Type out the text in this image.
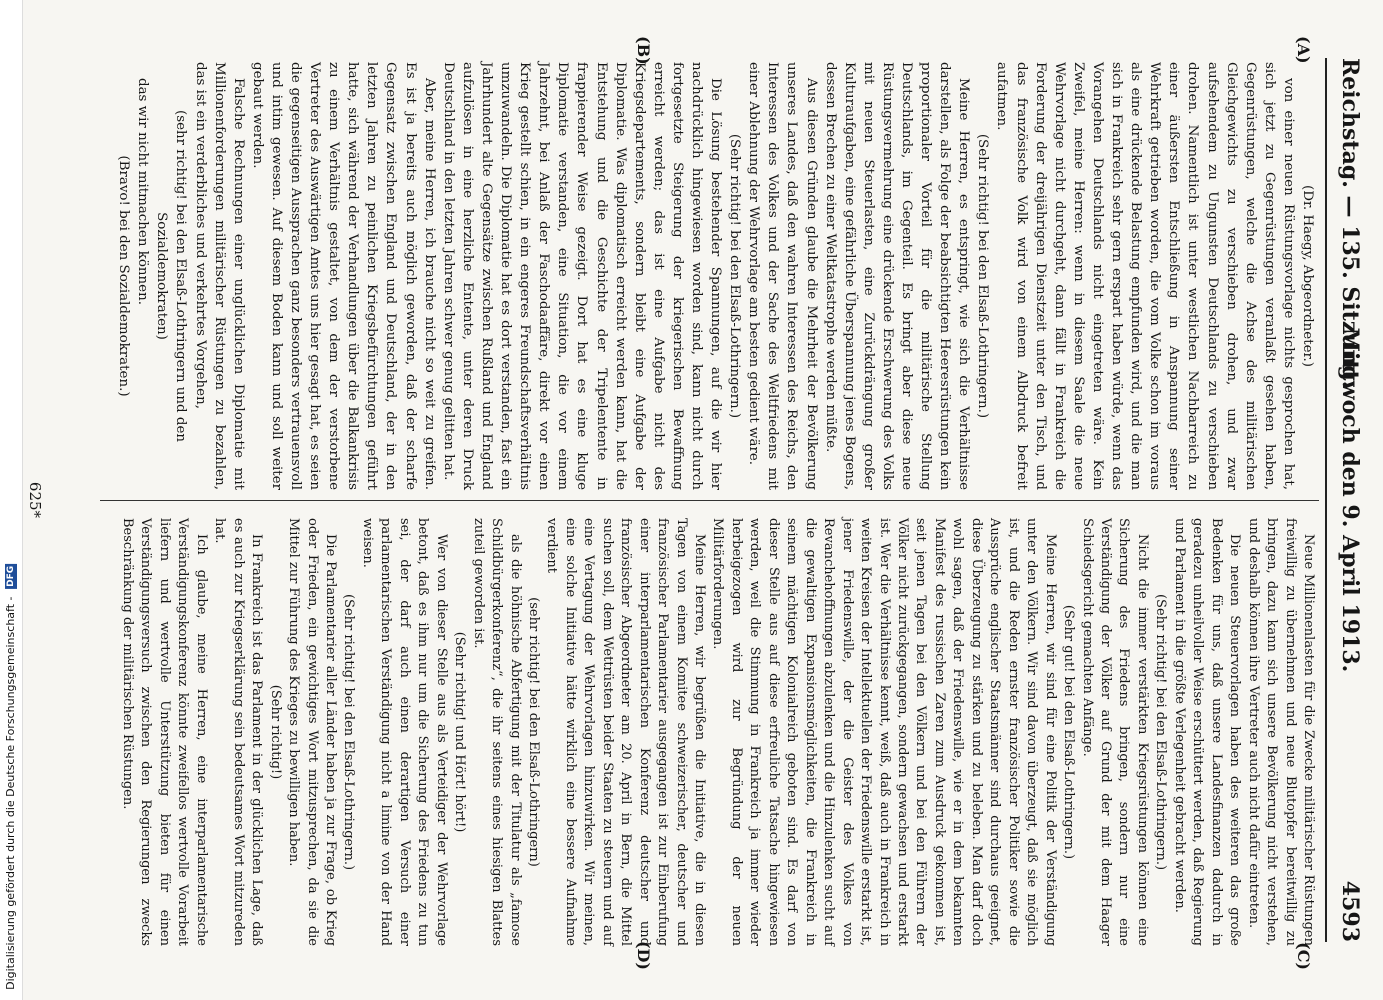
Reichstag. — 135. Sitzung.
Mittwoch den 9. April 1913.
4593
(A)
(B)
(C)
(D)

(Dr. Haegy, Abgeordneter.)

von einer neuen Rüstungsvorlage nichts gesprochen hat, sich jetzt zu Gegenrüstungen veranlaßt gesehen haben, Gegenrüstungen, welche die Achse des militärischen Gleichgewichts zu verschieben drohen, und zwar aufsehendem zu Ungunsten Deutschlands zu verschieben drohen. Namentlich ist unter westlichen Nachbarreich zu einer äußersten Entschließung in Anspannung seiner Wehrkraft getrieben worden, die vom Volke schon im voraus als eine drückende Belastung empfunden wird, und die man sich in Frankreich sehr gern erspart haben würde, wenn das Vorangehen Deutschlands nicht eingetreten wäre. Kein Zweifel, meine Herren: wenn in diesem Saale die neue Wehrvorlage nicht durchgeht, dann fällt in Frankreich die Forderung der dreijährigen Dienstzeit unter den Tisch, und das französische Volk wird von einem Albdruck befreit aufatmen.

(Sehr richtig! bei den Elsaß-Lothringern.)

Meine Herren, es entspringt, wie sich die Verhältnisse darstellen, als Folge der beabsichtigten Heeresrüstungen kein proportionaler Vorteil für die militärische Stellung Deutschlands, im Gegenteil. Es bringt aber diese neue Rüstungsvermehrung eine drückende Erschwerung des Volks mit neuen Steuerlasten, eine Zurückdrängung großer Kulturaufgaben, eine gefährliche Überspannung jenes Bogens, dessen Brechen zu einer Weltkatastrophe werden müßte.

Aus diesen Gründen glaube die Mehrheit der Bevölkerung unseres Landes, daß den wahren Interessen des Reichs, den Interessen des Volkes und der Sache des Weltfriedens mit einer Ablehnung der Wehrvorlage am besten gedient wäre.

(Sehr richtig! bei den Elsaß-Lothringern.)

Die Lösung bestehender Spannungen, auf die wir hier nachdrücklich hingewiesen worden sind, kann nicht durch fortgesetzte Steigerung der kriegerischen Bewaffnung erreicht werden; das ist eine Aufgabe nicht des Kriegsdepartements, sondern bleibt eine Aufgabe der Diplomatie. Was diplomatisch erreicht werden kann, hat die Entstehung und die Geschichte der Tripelentente in frappierender Weise gezeigt. Dort hat es eine kluge Diplomatie verstanden, eine Situation, die vor einem Jahrzehnt, bei Anlaß der Faschodaaffäre, direkt vor einen Krieg gestellt schien, in ein engeres Freundschaftsverhältnis umzuwandeln. Die Diplomatie hat es dort verstanden, fast ein Jahrhundert alte Gegensätze zwischen Rußland und England aufzulösen in eine herzliche Entente, unter deren Druck Deutschland in den letzten Jahren schwer genug gelitten hat.

Aber, meine Herren, ich brauche nicht so weit zu greifen. Es ist ja bereits auch möglich geworden, daß der scharfe Gegensatz zwischen England und Deutschland, der in den letzten Jahren zu peinlichen Kriegsbefürchtungen geführt hatte, sich während der Verhandlungen über die Balkankrisis zu einem Verhältnis gestaltet, von dem der verstorbene Vertreter des Auswärtigen Amtes uns hier gesagt hat, es seien die gegenseitigen Aussprachen ganz besonders vertrauensvoll und intim gewesen. Auf diesem Boden kann und soll weiter gebaut werden.

Falsche Rechnungen einer unglücklichen Diplomatie mit Millionenforderungen militärischer Rüstungen zu bezahlen, das ist ein verderbliches und verkehrtes Vorgehen,

(sehr richtig! bei den Elsaß-Lothringern und den Sozialdemokraten)

das wir nicht mitmachen können.

(Bravo! bei den Sozialdemokraten.)

Neue Millionenlasten für die Zwecke militärischer Rüstungen freiwillig zu übernehmen und neue Blutopfer bereitwillig zu bringen, dazu kann sich unsere Bevölkerung nicht verstehen, und deshalb können ihre Vertreter auch nicht dafür eintreten.

Die neuen Steuervorlagen haben des weiteren das große Bedenken für uns, daß unsere Landesfinanzen dadurch in geradezu unheilvoller Weise erschüttert werden, daß Regierung und Parlament in die größte Verlegenheit gebracht werden.

(Sehr richtig! bei den Elsaß-Lothringern.)

Nicht die immer verstärkten Kriegsrüstungen können eine Sicherung des Friedens bringen, sondern nur eine Verständigung der Völker auf Grund der mit dem Haager Schiedsgericht gemachten Anfänge.

(Sehr gut! bei den Elsaß-Lothringern.)

Meine Herren, wir sind für eine Politik der Verständigung unter den Völkern. Wir sind davon überzeugt, daß sie möglich ist, und die Reden ernster französischer Politiker sowie die Aussprüche englischer Staatsmänner sind durchaus geeignet, diese Überzeugung zu stärken und zu beleben. Man darf doch wohl sagen, daß der Friedenswille, wie er in dem bekannten Manifest des russischen Zaren zum Ausdruck gekommen ist, seit jenen Tagen bei den Völkern und bei den Führern der Völker nicht zurückgegangen, sondern gewachsen und erstarkt ist. Wer die Verhältnisse kennt, weiß, daß auch in Frankreich in weiten Kreisen der Intellektuellen der Friedenswille erstarkt ist, jener Friedenswille, der die Geister des Volkes von Revanchehoffnungen abzulenken und die Hinzulenken sucht auf die gewaltigen Expansionsmöglichkeiten, die Frankreich in seinem mächtigen Kolonialreich geboten sind. Es darf von dieser Stelle aus auf diese erfreuliche Tatsache hingewiesen werden, weil die Stimmung in Frankreich ja immer wieder herbeigezogen wird zur Begründung der neuen Militärforderungen.

Meine Herren, wir begrüßen die Initiative, die in diesen Tagen von einem Komitee schweizerischer, deutscher und französischer Parlamentarier ausgegangen ist zur Einberufung einer interparlamentarischen Konferenz deutscher und französischer Abgeordneter am 20. April in Bern, die Mittel suchen soll, dem Wettrüsten beider Staaten zu steuern und auf eine Vertagung der Wehrvorlagen hinzuwirken. Wir meinen, eine solche Initiative hätte wirklich eine bessere Aufnahme verdient

(sehr richtig! bei den Elsaß-Lothringern)

als die höhnische Abfertigung mit der Titulatur als „famose Schildbürgerkonferenz“, die ihr seitens eines hiesigen Blattes zuteil geworden ist.

(Sehr richtig! und Hört! hört!)

Wer von dieser Stelle aus als Verteidiger der Wehrvorlage betont, daß es ihm nur um die Sicherung des Friedens zu tun sei, der darf auch einen derartigen Versuch einer parlamentarischen Verständigung nicht a limine von der Hand weisen.

(Sehr richtig! bei den Elsaß-Lothringern.)

Die Parlamentarier aller Länder haben ja zur Frage, ob Krieg oder Frieden, ein gewichtiges Wort mitzusprechen, da sie die Mittel zur Führung des Krieges zu bewilligen haben.

(Sehr richtig!)

In Frankreich ist das Parlament in der glücklichen Lage, daß es auch zur Kriegserklärung sein bedeutsames Wort mitzureden hat.

Ich glaube, meine Herren, eine interparlamentarische Verständigungskonferenz könnte zweifellos wertvolle Vorarbeit liefern und wertvolle Unterstützung bieten für einen Verständigungsversuch zwischen den Regierungen zwecks Beschränkung der militärischen Rüstungen.

625*
Digitalisierung gefördert durch die Deutsche Forschungsgemeinschaft - DFG
